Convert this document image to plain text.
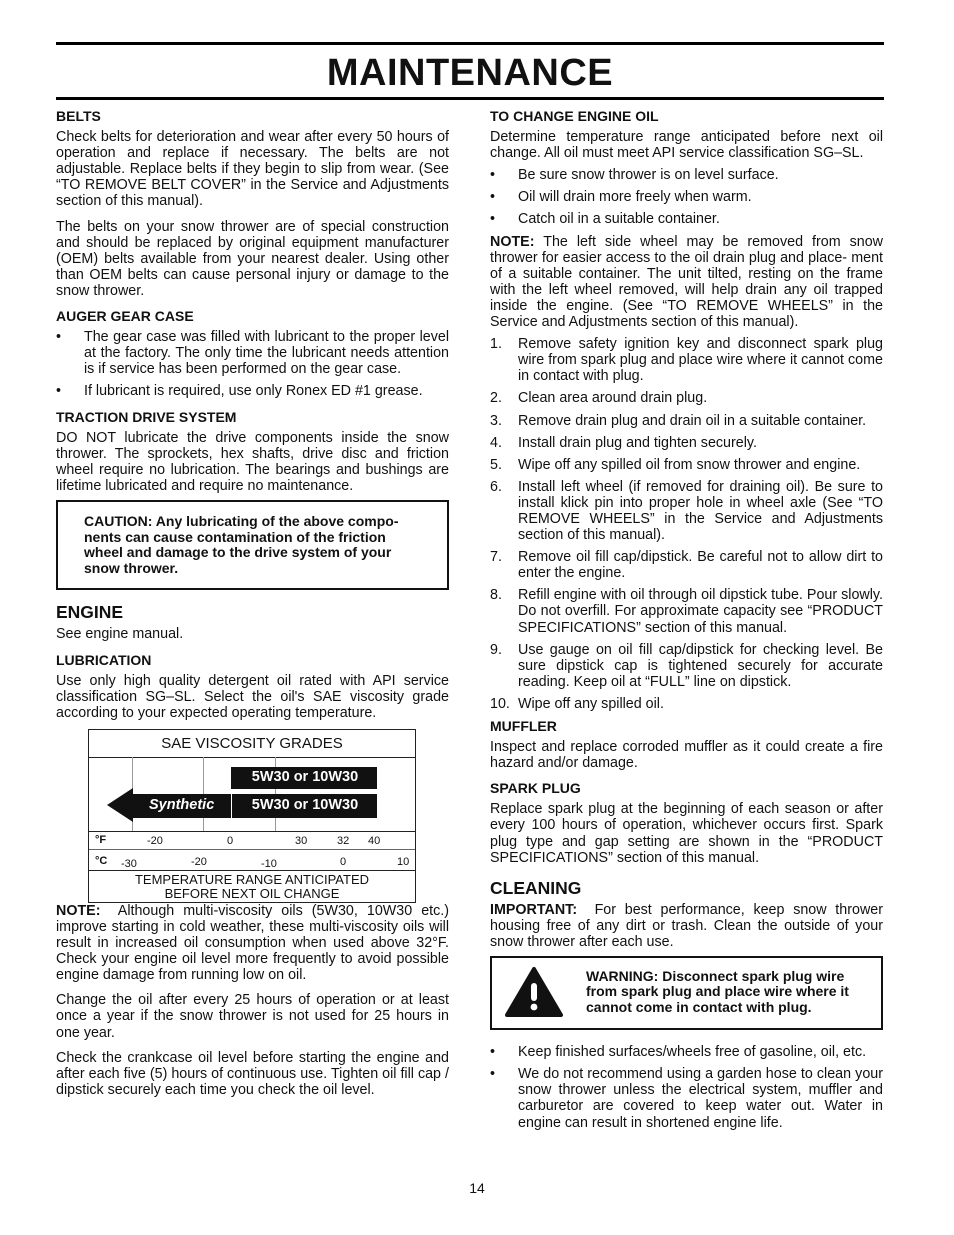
MAINTENANCE
BELTS

Check belts for deterioration and wear after every 50 hours of operation and replace if necessary. The belts are not adjustable. Replace belts if they begin to slip from wear. (See “TO REMOVE BELT COVER” in the Service and Adjustments section of this manual).

The belts on your snow thrower are of special construction and should be replaced by original equipment manufacturer (OEM) belts available from your nearest dealer. Using other than OEM belts can cause personal injury or damage to the snow thrower.

AUGER GEAR CASE
• The gear case was filled with lubricant to the proper level at the factory. The only time the lubricant needs attention is if service has been performed on the gear case.
• If lubricant is required, use only Ronex ED #1 grease.
TRACTION DRIVE SYSTEM

DO NOT lubricate the drive components inside the snow thrower. The sprockets, hex shafts, drive disc and friction wheel require no lubrication. The bearings and bushings are lifetime lubricated and require no maintenance.

CAUTION: Any lubricating of the above compo- nents can cause contamination of the friction wheel and damage to the drive system of your snow thrower.
ENGINE

See engine manual.

LUBRICATION

Use only high quality detergent oil rated with API service classification SG–SL. Select the oil's SAE viscosity grade according to your expected operating temperature.

SAE VISCOSITY GRADES
5W30 or 10W30
Synthetic	5W30 or 10W30
°F	-20	0	30	32 40
°C -30	-20	-10	0	10
TEMPERATURE RANGE ANTICIPATED
BEFORE NEXT OIL CHANGE

NOTE: Although multi-viscosity oils (5W30, 10W30 etc.) improve starting in cold weather, these multi-viscosity oils will result in increased oil consumption when used above 32°F. Check your engine oil level more frequently to avoid possible engine damage from running low on oil.

Change the oil after every 25 hours of operation or at least once a year if the snow thrower is not used for 25 hours in one year.

Check the crankcase oil level before starting the engine and after each five (5) hours of continuous use. Tighten oil fill cap / dipstick securely each time you check the oil level.

TO CHANGE ENGINE OIL

Determine temperature range anticipated before next oil change. All oil must meet API service classification SG–SL.

• Be sure snow thrower is on level surface.
• Oil will drain more freely when warm.
• Catch oil in a suitable container.

NOTE: The left side wheel may be removed from snow thrower for easier access to the oil drain plug and place- ment of a suitable container. The unit tilted, resting on the frame with the left wheel removed, will help drain any oil trapped inside the engine. (See “TO REMOVE WHEELS” in the Service and Adjustments section of this manual).

1. Remove safety ignition key and disconnect spark plug wire from spark plug and place wire where it cannot come in contact with plug.
2. Clean area around drain plug.
3. Remove drain plug and drain oil in a suitable container.
4. Install drain plug and tighten securely.
5. Wipe off any spilled oil from snow thrower and engine.
6. Install left wheel (if removed for draining oil). Be sure to install klick pin into proper hole in wheel axle (See “TO REMOVE WHEELS” in the Service and Adjustments section of this manual).
7. Remove oil fill cap/dipstick. Be careful not to allow dirt to enter the engine.
8. Refill engine with oil through oil dipstick tube. Pour slowly. Do not overfill. For approximate capacity see “PRODUCT SPECIFICATIONS” section of this manual.
9. Use gauge on oil fill cap/dipstick for checking level. Be sure dipstick cap is tightened securely for accurate reading. Keep oil at “FULL” line on dipstick.
10. Wipe off any spilled oil.
MUFFLER

Inspect and replace corroded muffler as it could create a fire hazard and/or damage.

SPARK PLUG

Replace spark plug at the beginning of each season or after every 100 hours of operation, whichever occurs first. Spark plug type and gap setting are shown in the “PRODUCT SPECIFICATIONS” section of this manual.

CLEANING

IMPORTANT: For best performance, keep snow thrower housing free of any dirt or trash. Clean the outside of your snow thrower after each use.

WARNING: Disconnect spark plug wire from spark plug and place wire where it cannot come in contact with plug.
• Keep finished surfaces/wheels free of gasoline, oil, etc.
• We do not recommend using a garden hose to clean your snow thrower unless the electrical system, muffler and carburetor are covered to keep water out. Water in engine can result in shortened engine life.
14
